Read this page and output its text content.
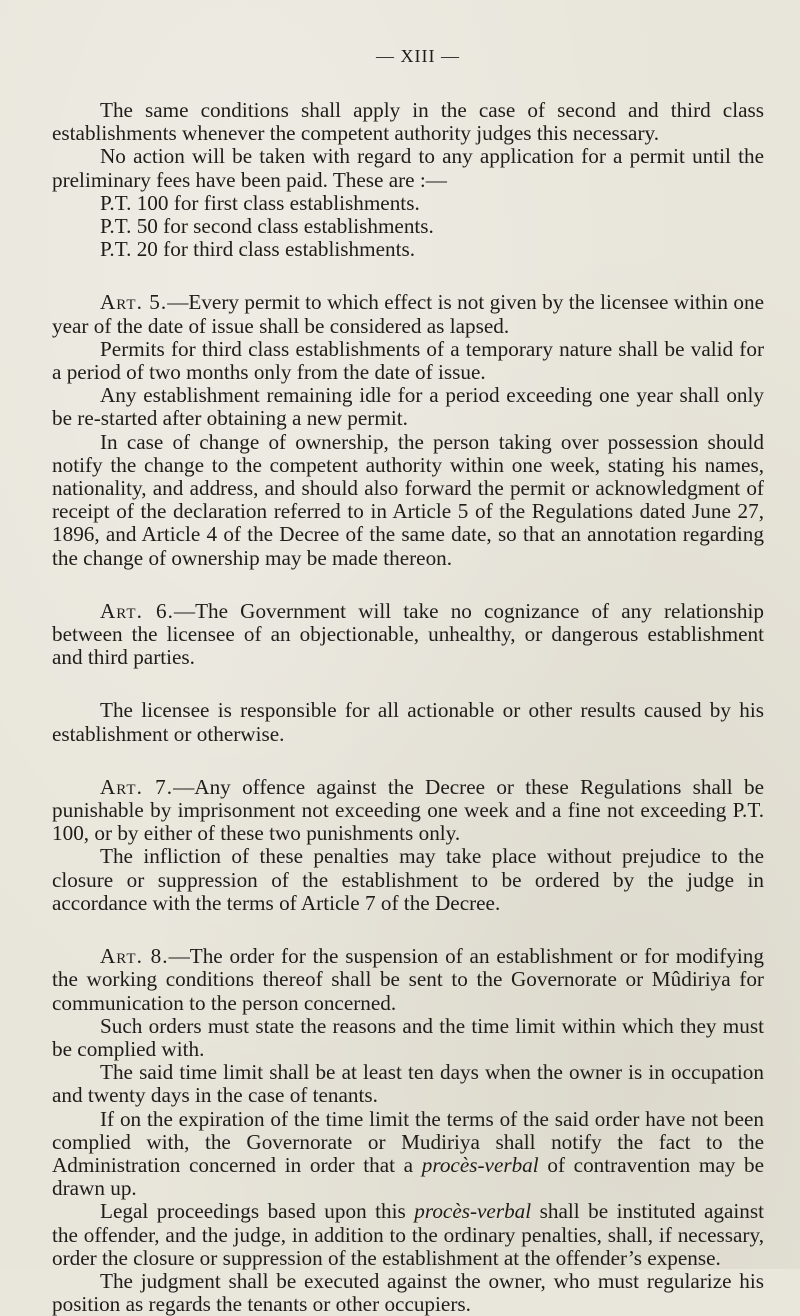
— XIII —

The same conditions shall apply in the case of second and third class establishments whenever the competent authority judges this necessary.

No action will be taken with regard to any application for a permit until the preliminary fees have been paid. These are :—

P.T. 100 for first class establishments.
P.T. 50 for second class establishments.
P.T. 20 for third class establishments.

Art. 5.—Every permit to which effect is not given by the licensee within one year of the date of issue shall be considered as lapsed.

Permits for third class establishments of a temporary nature shall be valid for a period of two months only from the date of issue.

Any establishment remaining idle for a period exceeding one year shall only be re-started after obtaining a new permit.

In case of change of ownership, the person taking over possession should notify the change to the competent authority within one week, stating his names, nationality, and address, and should also forward the permit or acknowledgment of receipt of the declaration referred to in Article 5 of the Regulations dated June 27, 1896, and Article 4 of the Decree of the same date, so that an annotation regarding the change of ownership may be made thereon.

Art. 6.—The Government will take no cognizance of any relationship between the licensee of an objectionable, unhealthy, or dangerous establishment and third parties.

The licensee is responsible for all actionable or other results caused by his establishment or otherwise.

Art. 7.—Any offence against the Decree or these Regulations shall be punishable by imprisonment not exceeding one week and a fine not exceeding P.T. 100, or by either of these two punishments only.

The infliction of these penalties may take place without prejudice to the closure or suppression of the establishment to be ordered by the judge in accordance with the terms of Article 7 of the Decree.

Art. 8.—The order for the suspension of an establishment or for modifying the working conditions thereof shall be sent to the Governorate or Mûdiriya for communication to the person concerned.

Such orders must state the reasons and the time limit within which they must be complied with.

The said time limit shall be at least ten days when the owner is in occupation and twenty days in the case of tenants.

If on the expiration of the time limit the terms of the said order have not been complied with, the Governorate or Mudiriya shall notify the fact to the Administration concerned in order that a procès-verbal of contravention may be drawn up.

Legal proceedings based upon this procès-verbal shall be instituted against the offender, and the judge, in addition to the ordinary penalties, shall, if necessary, order the closure or suppression of the establishment at the offender’s expense.

The judgment shall be executed against the owner, who must regularize his position as regards the tenants or other occupiers.
